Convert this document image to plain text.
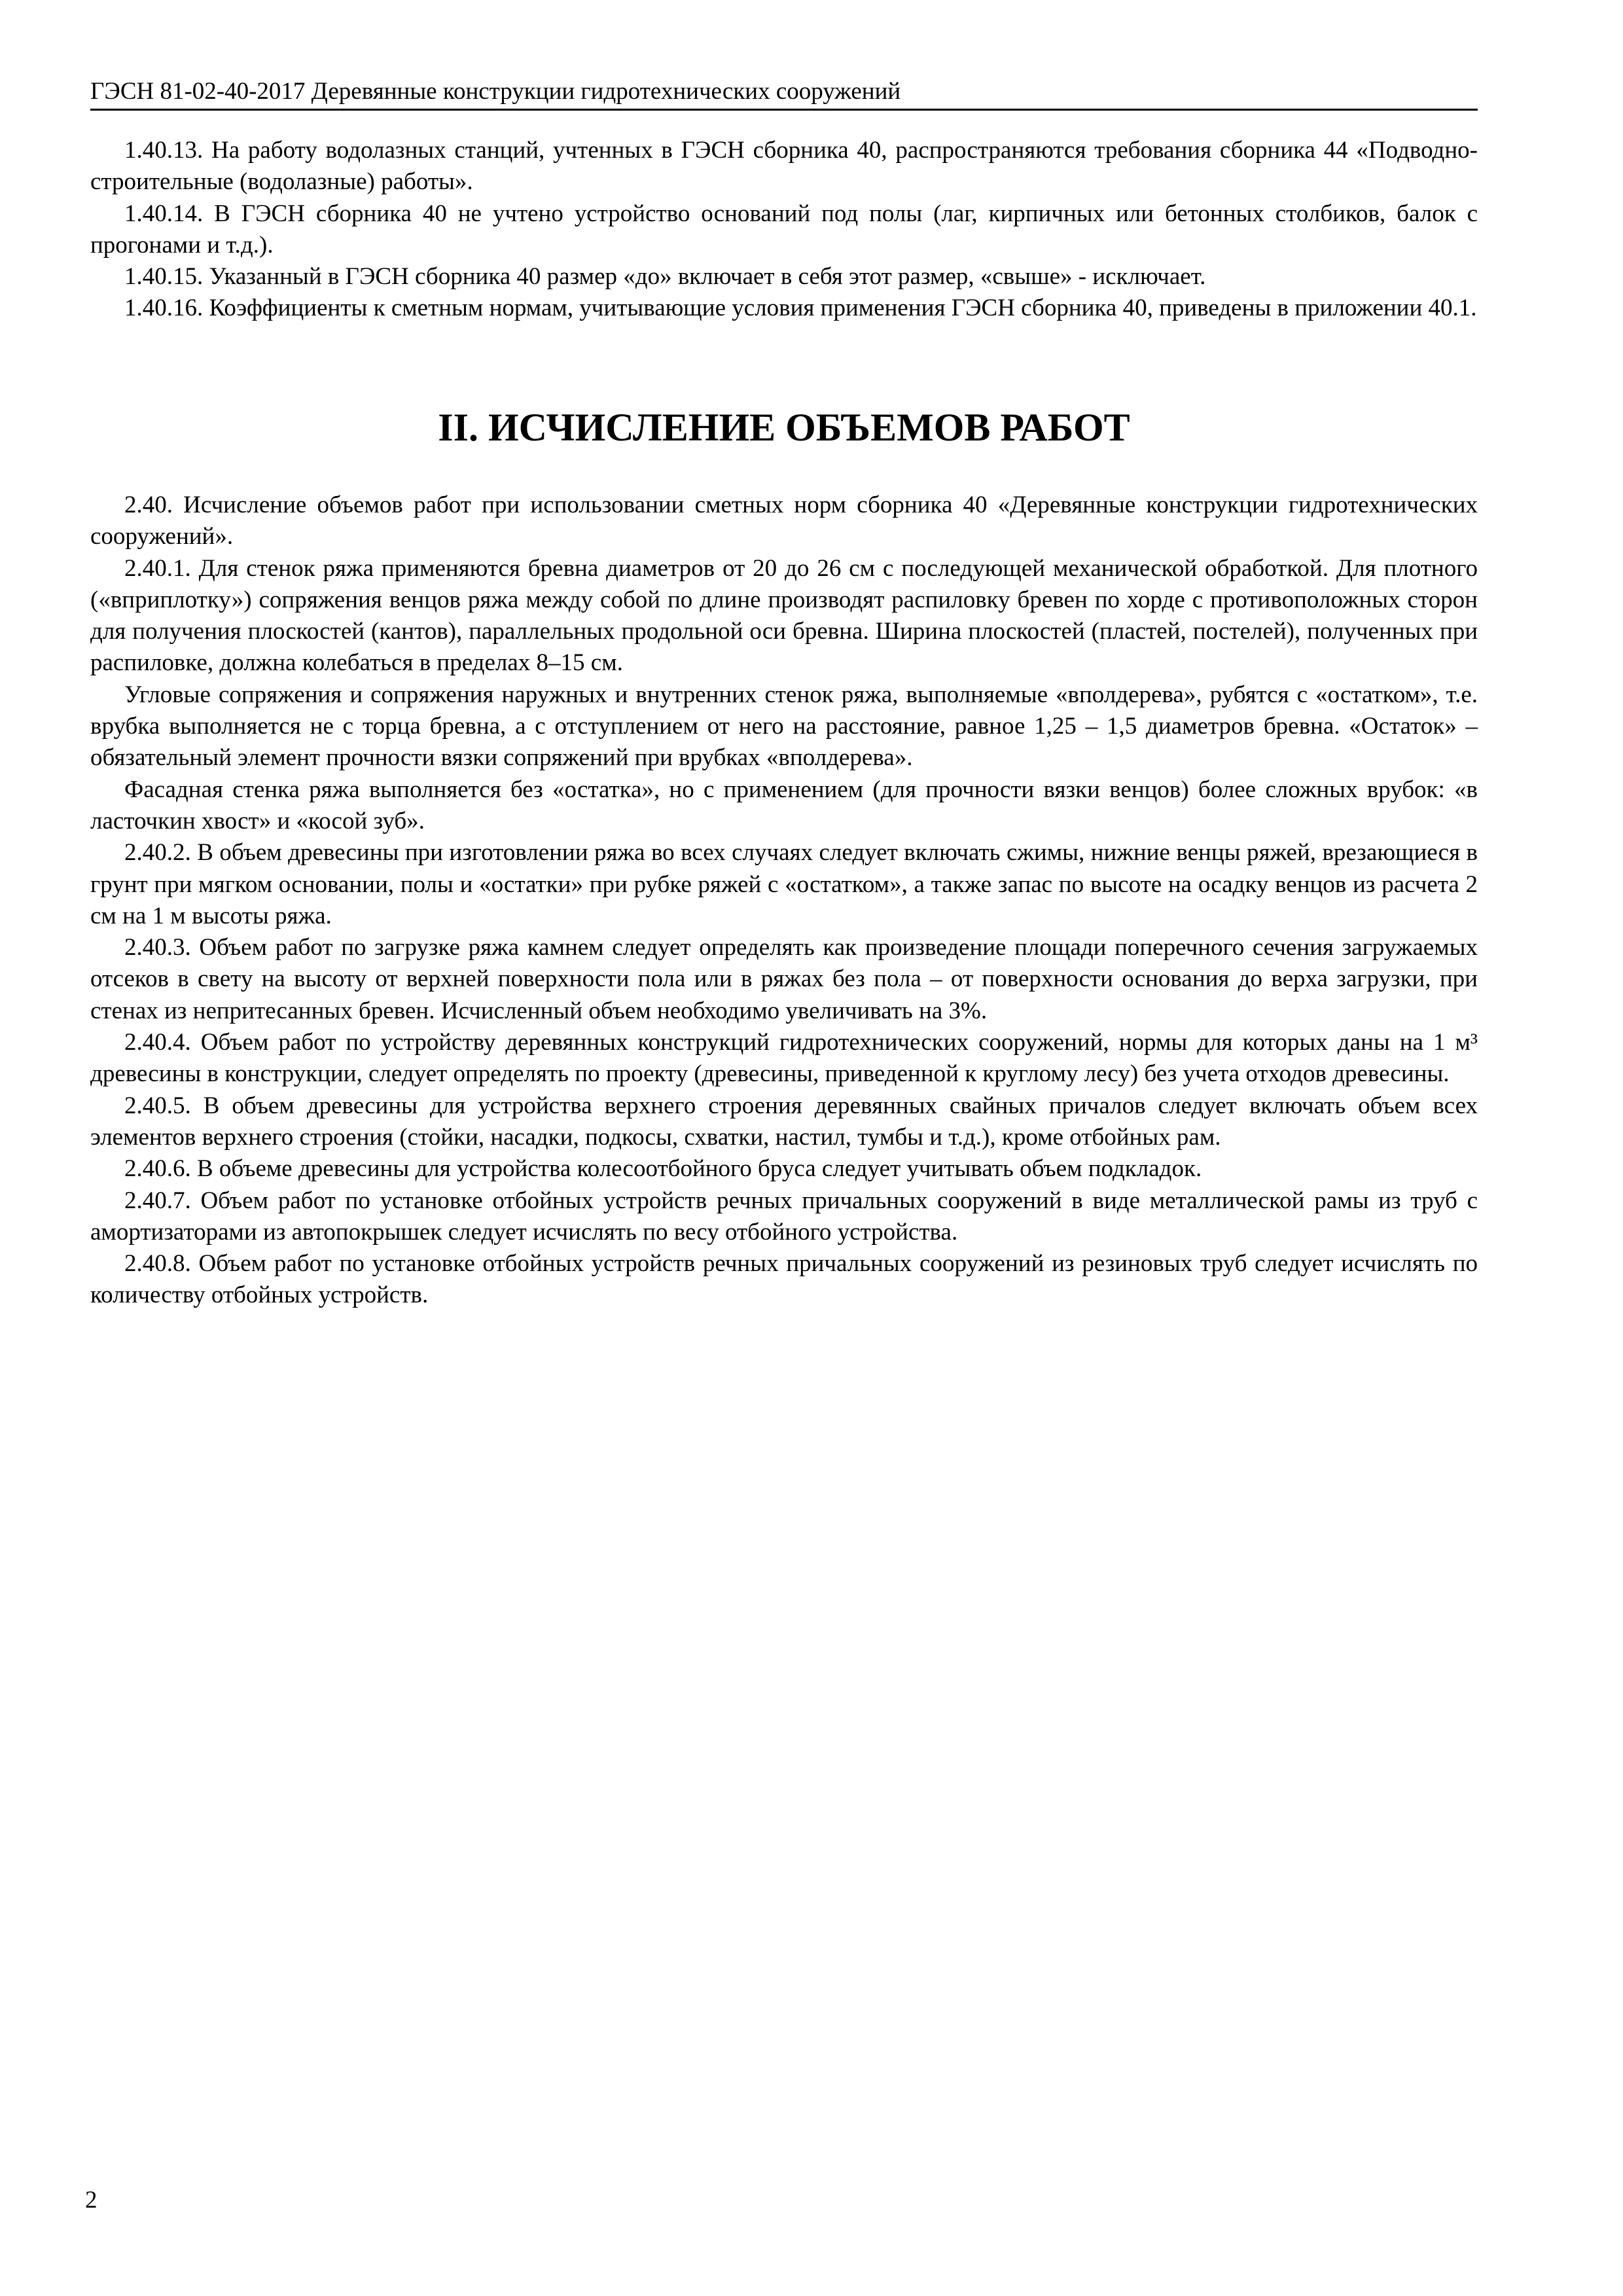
ГЭСН 81-02-40-2017 Деревянные конструкции гидротехнических сооружений

1.40.13. На работу водолазных станций, учтенных в ГЭСН сборника 40, распространяются требования сборника 44 «Подводно-строительные (водолазные) работы».

1.40.14. В ГЭСН сборника 40 не учтено устройство оснований под полы (лаг, кирпичных или бетонных столбиков, балок с прогонами и т.д.).

1.40.15. Указанный в ГЭСН сборника 40 размер «до» включает в себя этот размер, «свыше» - исключает.

1.40.16. Коэффициенты к сметным нормам, учитывающие условия применения ГЭСН сборника 40, приведены в приложении 40.1.

II. ИСЧИСЛЕНИЕ ОБЪЕМОВ РАБОТ

2.40. Исчисление объемов работ при использовании сметных норм сборника 40 «Деревянные конструкции гидротехнических сооружений».

2.40.1. Для стенок ряжа применяются бревна диаметров от 20 до 26 см с последующей механической обработкой. Для плотного («вприплотку») сопряжения венцов ряжа между собой по длине производят распиловку бревен по хорде с противоположных сторон для получения плоскостей (кантов), параллельных продольной оси бревна. Ширина плоскостей (пластей, постелей), полученных при распиловке, должна колебаться в пределах 8–15 см.

Угловые сопряжения и сопряжения наружных и внутренних стенок ряжа, выполняемые «вполдерева», рубятся с «остатком», т.е. врубка выполняется не с торца бревна, а с отступлением от него на расстояние, равное 1,25 – 1,5 диаметров бревна. «Остаток» – обязательный элемент прочности вязки сопряжений при врубках «вполдерева».

Фасадная стенка ряжа выполняется без «остатка», но с применением (для прочности вязки венцов) более сложных врубок: «в ласточкин хвост» и «косой зуб».

2.40.2. В объем древесины при изготовлении ряжа во всех случаях следует включать сжимы, нижние венцы ряжей, врезающиеся в грунт при мягком основании, полы и «остатки» при рубке ряжей с «остатком», а также запас по высоте на осадку венцов из расчета 2 см на 1 м высоты ряжа.

2.40.3. Объем работ по загрузке ряжа камнем следует определять как произведение площади поперечного сечения загружаемых отсеков в свету на высоту от верхней поверхности пола или в ряжах без пола – от поверхности основания до верха загрузки, при стенах из непритесанных бревен. Исчисленный объем необходимо увеличивать на 3%.

2.40.4. Объем работ по устройству деревянных конструкций гидротехнических сооружений, нормы для которых даны на 1 м³ древесины в конструкции, следует определять по проекту (древесины, приведенной к круглому лесу) без учета отходов древесины.

2.40.5. В объем древесины для устройства верхнего строения деревянных свайных причалов следует включать объем всех элементов верхнего строения (стойки, насадки, подкосы, схватки, настил, тумбы и т.д.), кроме отбойных рам.

2.40.6. В объеме древесины для устройства колесоотбойного бруса следует учитывать объем подкладок.

2.40.7. Объем работ по установке отбойных устройств речных причальных сооружений в виде металлической рамы из труб с амортизаторами из автопокрышек следует исчислять по весу отбойного устройства.

2.40.8. Объем работ по установке отбойных устройств речных причальных сооружений из резиновых труб следует исчислять по количеству отбойных устройств.

2
